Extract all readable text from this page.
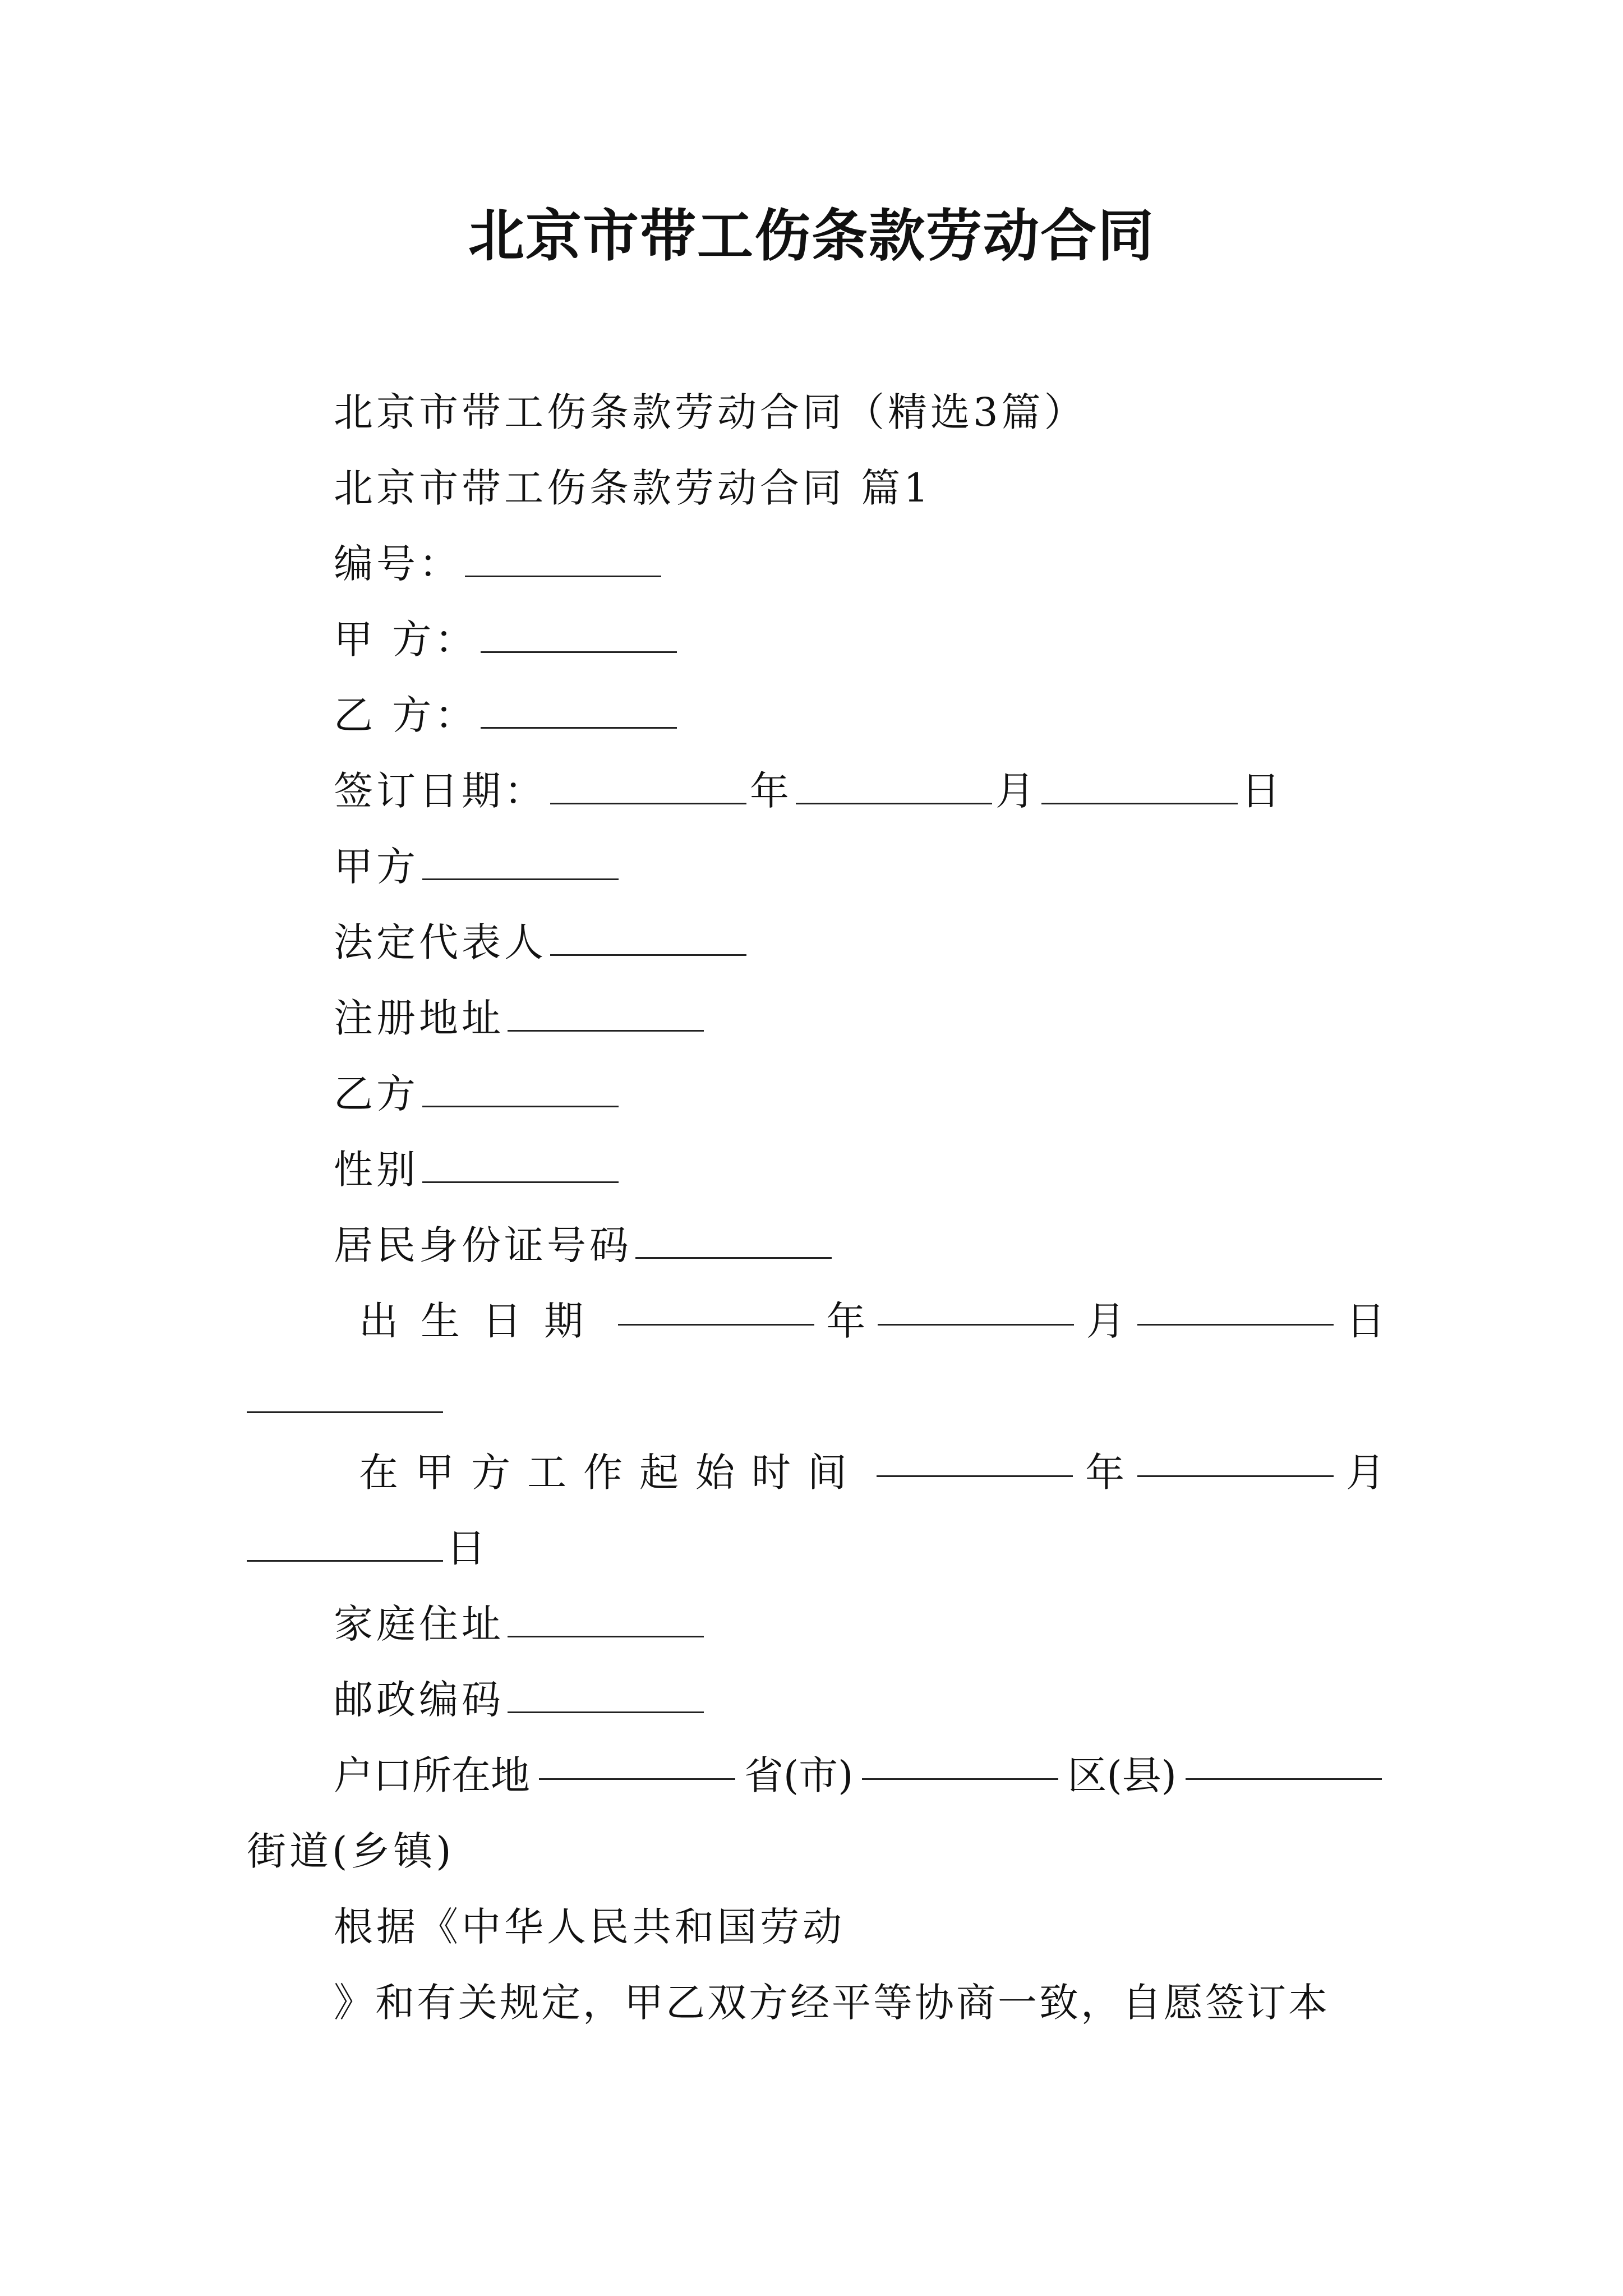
北京市带工伤条款劳动合同
北京市带工伤条款劳动合同（精选3篇）
北京市带工伤条款劳动合同 篇1
编号：
甲 方：
乙 方：
签订日期：	年	月	日
甲方
法定代表人
注册地址
乙方
性别
居民身份证号码
出生日期	年	月	日
在甲方工作起始时间	年	月
日
家庭住址
邮政编码
户口所在地	省(市)	区(县)
街道(乡镇)
根据《中华人民共和国劳动
》和有关规定，甲乙双方经平等协商一致，自愿签订本
